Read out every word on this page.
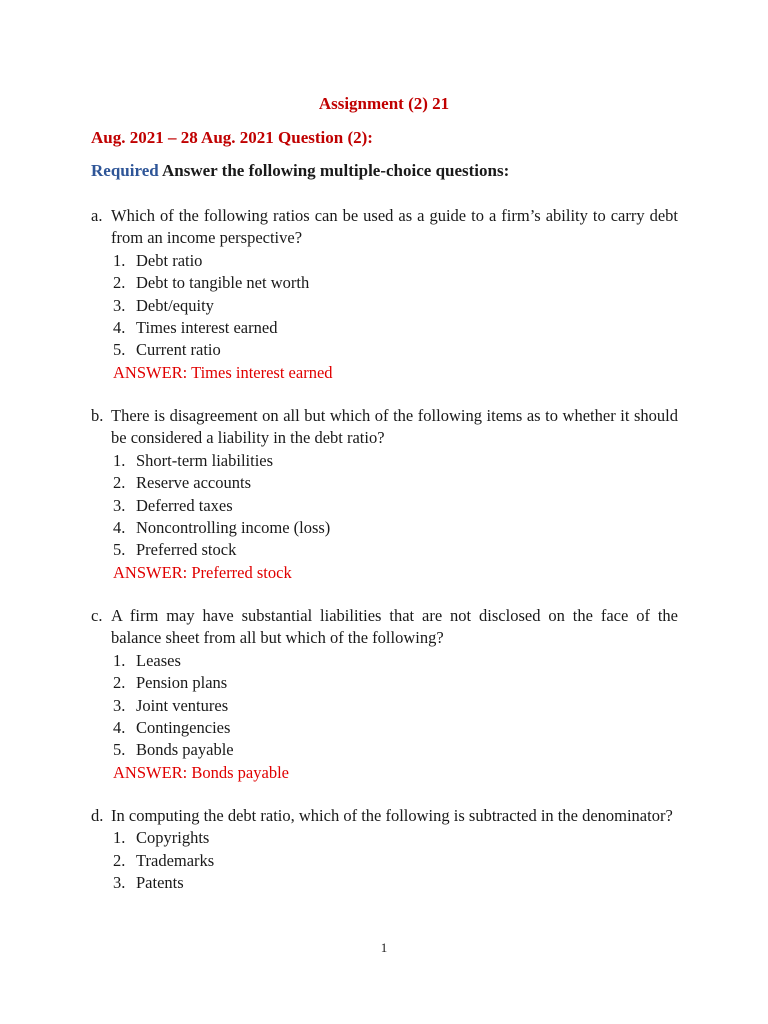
Assignment (2) 21
Aug. 2021 – 28 Aug. 2021 Question (2):
Required Answer the following multiple-choice questions:
a. Which of the following ratios can be used as a guide to a firm’s ability to carry debt from an income perspective?
1. Debt ratio
2. Debt to tangible net worth
3. Debt/equity
4. Times interest earned
5. Current ratio
ANSWER: Times interest earned
b. There is disagreement on all but which of the following items as to whether it should be considered a liability in the debt ratio?
1. Short-term liabilities
2. Reserve accounts
3. Deferred taxes
4. Noncontrolling income (loss)
5. Preferred stock
ANSWER: Preferred stock
c. A firm may have substantial liabilities that are not disclosed on the face of the balance sheet from all but which of the following?
1. Leases
2. Pension plans
3. Joint ventures
4. Contingencies
5. Bonds payable
ANSWER: Bonds payable
d. In computing the debt ratio, which of the following is subtracted in the denominator?
1. Copyrights
2. Trademarks
3. Patents
1
